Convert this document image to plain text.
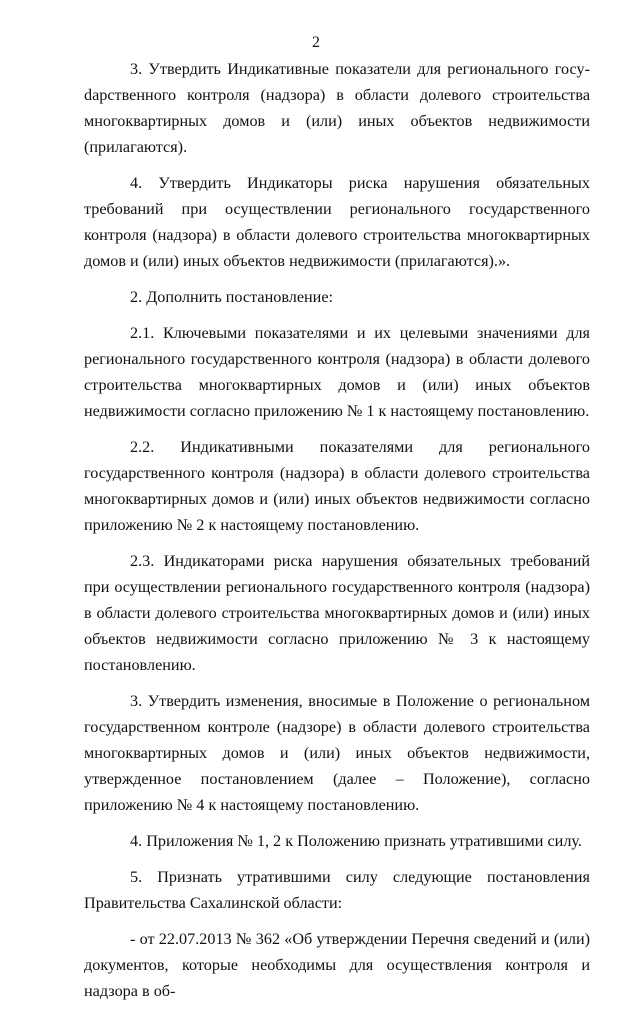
2

3. Утвердить Индикативные показатели для регионального госуdарственного контроля (надзора) в области долевого строительства многоквартирных домов и (или) иных объектов недвижимости (прилагаются).

4. Утвердить Индикаторы риска нарушения обязательных требований при осуществлении регионального государственного контроля (надзора) в области долевого строительства многоквартирных домов и (или) иных объектов недвижимости (прилагаются).».

2. Дополнить постановление:

2.1. Ключевыми показателями и их целевыми значениями для регионального государственного контроля (надзора) в области долевого строительства многоквартирных домов и (или) иных объектов недвижимости согласно приложению № 1 к настоящему постановлению.

2.2. Индикативными показателями для регионального государственного контроля (надзора) в области долевого строительства многоквартирных домов и (или) иных объектов недвижимости согласно приложению № 2 к настоящему постановлению.

2.3. Индикаторами риска нарушения обязательных требований при осуществлении регионального государственного контроля (надзора) в области долевого строительства многоквартирных домов и (или) иных объектов недвижимости согласно приложению № 3 к настоящему постановлению.

3. Утвердить изменения, вносимые в Положение о региональном государственном контроле (надзоре) в области долевого строительства многоквартирных домов и (или) иных объектов недвижимости, утвержденное постановлением (далее – Положение), согласно приложению № 4 к настоящему постановлению.

4. Приложения № 1, 2 к Положению признать утратившими силу.

5. Признать утратившими силу следующие постановления Правительства Сахалинской области:

- от 22.07.2013 № 362 «Об утверждении Перечня сведений и (или) документов, которые необходимы для осуществления контроля и надзора в об-
